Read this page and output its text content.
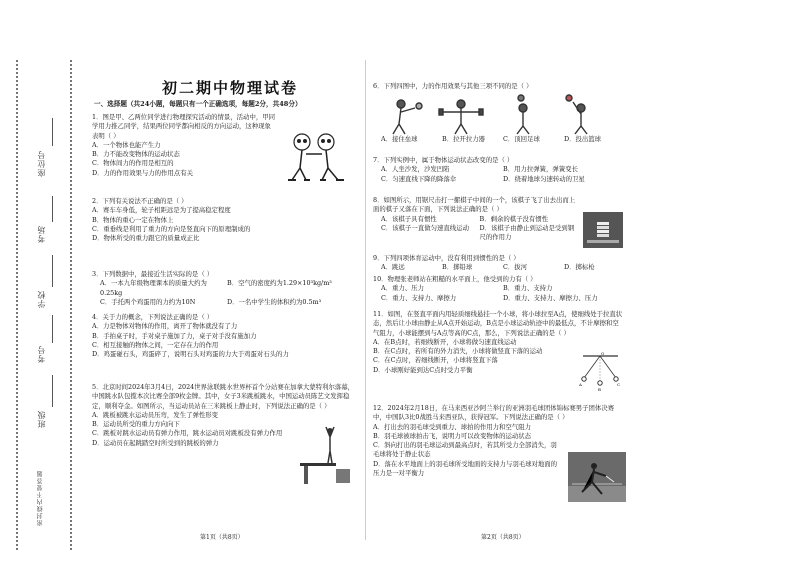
座位号
考场
学校
考号
班级
密封线内不要答题
初二期中物理试卷
一、选择题（共24小题，每题只有一个正确选项，每题2分，共48分）

1．图是甲、乙两位同学进行物理探究活动的情景，活动中，甲同学用力推乙同学，结果两位同学都向相反的方向运动，这种现象表明（ ）

A．一个物体也能产生力

B．力不能改变物体的运动状态

C．物体间力的作用是相互的

D．力的作用效果与力的作用点有关

2．下列有关说法不正确的是（ ）

A．赛车车身低，轮子相距远是为了提高稳定程度

B．物体的重心一定在物体上

C．重垂线是利用了重力的方向是竖直向下的原理制成的

D．物体所受的重力跟它的质量成正比

3．下列数据中，最接近生活实际的是（ ）

A．一本九年级物理课本的质量大约为0.25kg
B．空气的密度约为1.29×10³kg/m³
C．手托两个鸡蛋用的力约为10N	D．一名中学生的体积约为0.5m³

4．关于力的概念，下列说法正确的是（ ）

A．力是物体对物体的作用，离开了物体就没有了力

B．手拍桌子时，手对桌子施加了力，桌子对手没有施加力

C．相互接触的物体之间，一定存在力的作用

D．鸡蛋碰石头，鸡蛋碎了，说明石头对鸡蛋的力大于鸡蛋对石头的力

5．北京时间2024年3月4日，2024世界泳联跳水世界杯首个分站赛在加拿大蒙特利尔落幕，中国跳水队包揽本次比赛全部9枚金牌。其中，女子3米跳板跳水，中国运动员陈艺文发挥稳定，顺利夺金。如图所示，当运动员站在三米跳板上静止时，下列说法正确的是（ ）

A．跳板被跳水运动员压弯，发生了弹性形变

B．运动员所受的重力方向向下

C．跳板对跳水运动员有弹力作用，跳水运动员对跳板没有弹力作用

D．运动员在起跳踏空时所受到的跳板的弹力

第1页（共8页）

6．下列四图中，力的作用效果与其他三项不同的是（ ）

A．接住垒球	B．拉开拉力器	C．顶回足球	D．投出篮球

7．下列实例中，属于物体运动状态改变的是（ ）

A．人坐沙发，沙发凹陷	B．用力拉弹簧，弹簧变长
C．匀速直线下降的降落伞	D．绕着地球匀速转动的卫星

8．如图所示，用锯尺击打一摞棋子中间的一个，该棋子飞了出去出而上面的棋子又落在下面，下列说法正确的是（ ）

A．该棋子具有惯性	B．剩余的棋子没有惯性
C．该棋子一直做匀速直线运动	D．该棋子由静止到运动是受到钢尺的作用力

9．下列四项体育运动中，没有利用到惯性的是（ ）

A．跳远	B．掷铅球	C．拔河	D．掷标枪

10．物理张老师站在粗糙的水平面上，他受到的力有（ ）

A．重力、压力	B．重力、支持力
C．重力、支持力、摩擦力	D．重力、支持力、摩擦力、压力

11．如图，在竖直平面内用轻质细线悬挂一个小球，将小球拉至A点，使细线处于拉直状态，然后让小球由静止从A点开始运动，B点是小球运动轨迹中的最低点，不计摩擦和空气阻力，小球能摆到与A点等高的C点，那么，下列说法正确的是（ ）

A．在B点时，若细线断开，小球将做匀速直线运动

B．在C点时，若所有的外力消失，小球将做竖直下落的运动

C．在C点时，若细线断开，小球将竖直下落

D．小球刚好能到达C点时受力平衡

O
A
B
C

12．2024年2月18日，在马来西亚沙阿兰举行的亚洲羽毛球团体锦标赛男子团体决赛中，中国队3比0战胜马来西亚队，获得冠军。下列说法正确的是（ ）

A．打出去的羽毛球受到重力、球拍的作用力和空气阻力

B．羽毛球被球拍击飞，说明力可以改变物体的运动状态

C．斜向打出的羽毛球运动到最高点时，若其所受力全部消失，羽毛球将处于静止状态

D．落在水平地面上的羽毛球所受地面的支持力与羽毛球对地面的压力是一对平衡力

第2页（共8页）
